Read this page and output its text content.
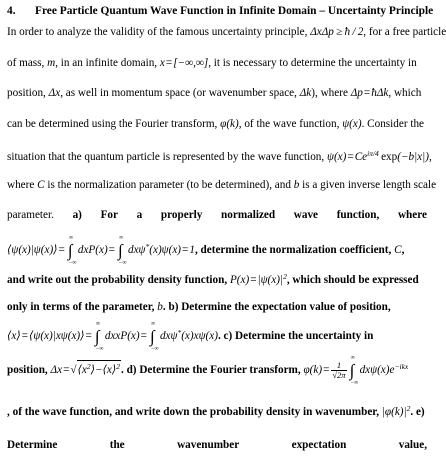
4. Free Particle Quantum Wave Function in Infinite Domain – Uncertainty Principle
In order to analyze the validity of the famous uncertainty principle, ΔxΔp ≥ ħ / 2, for a free particle
of mass, m, in an infinite domain, x=[−∞,∞], it is necessary to determine the uncertainty in
position, Δx, as well in momentum space (or wavenumber space, Δk), where Δp=ħΔk, which
can be determined using the Fourier transform, φ(k), of the wave function, ψ(x). Consider the
situation that the quantum particle is represented by the wave function, $\psi(x)=Ce^{i\pi/4}$  exp(−b|x|),
where C is the normalization parameter (to be determined), and b is a given inverse length scale
parameter. a) For a properly normalized wave function, where
⟨ψ(x)|ψ(x)⟩= ∫
∞
−∞
dxP(x)= ∫
∞
−∞
dxψ*(x)ψ(x)=1, determine the normalization coefficient, C,
and write out the probability density function, $P(x)=|\psi(x)|^2$, which should be expressed
only in terms of the parameter, b. b) Determine the expectation value of position,
⟨x⟩=⟨ψ(x)|xψ(x)⟩= ∫
∞
−∞
dxxP(x)= ∫
∞
−∞
dxψ*(x)xψ(x). c) Determine the uncertainty in
position, $\Delta x=√⟨x^2⟩-⟨x⟩^2$. d) Determine the Fourier transform, $\varphi(k)= \frac{1}{√2\pi}$ ∫
∞
−∞
$dx\psi(x)e^{-ikx}$
, of the wave function, and write down the probability density in wavenumber, $|\varphi(k)|^2$. e)
Determine	the	wavenumber	expectation	value,
